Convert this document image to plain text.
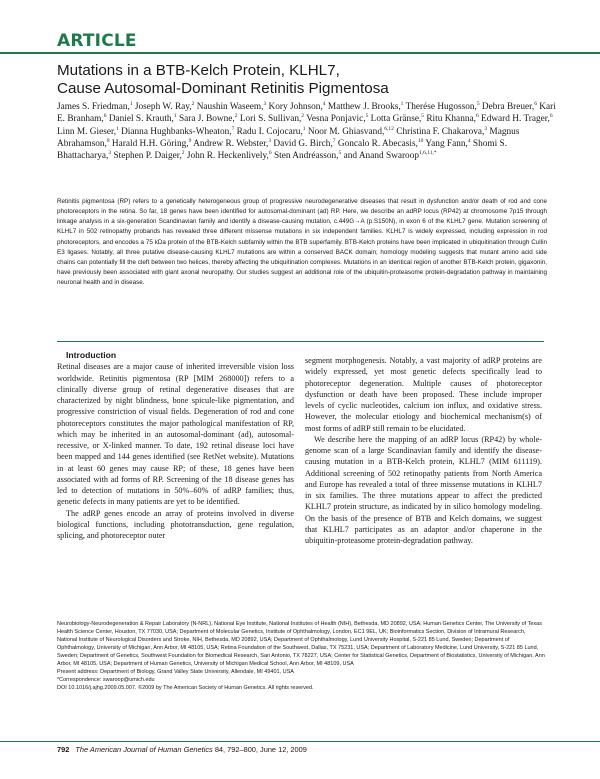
ARTICLE
Mutations in a BTB-Kelch Protein, KLHL7,
Cause Autosomal-Dominant Retinitis Pigmentosa
James S. Friedman,$^1$ Joseph W. Ray,$^2$ Naushin Waseem,$^3$ Kory Johnson,$^4$ Matthew J. Brooks,$^1$ Therése Hugosson,$^5$ Debra Breuer,$^6$ Kari E. Branham,$^6$ Daniel S. Krauth,$^1$ Sara J. Bowne,$^2$ Lori S. Sullivan,$^2$ Vesna Ponjavic,$^5$ Lotta Gränse,$^5$ Ritu Khanna,$^6$ Edward H. Trager,$^6$ Linn M. Gieser,$^1$ Dianna Hughbanks-Wheaton,$^7$ Radu I. Cojocaru,$^1$ Noor M. Ghiasvand,$^{6,12}$ Christina F. Chakarova,$^3$ Magnus Abrahamson,$^8$ Harald H.H. Göring,$^9$ Andrew R. Webster,$^3$ David G. Birch,$^7$ Goncalo R. Abecasis,$^{10}$ Yang Fann,$^4$ Shomi S. Bhattacharya,$^3$ Stephen P. Daiger,$^2$ John R. Heckenlively,$^6$ Sten Andréasson,$^5$ and Anand Swaroop$^{1,6,11,*}$
Retinitis pigmentosa (RP) refers to a genetically heterogeneous group of progressive neurodegenerative diseases that result in dysfunction and/or death of rod and cone photoreceptors in the retina. So far, 18 genes have been identified for autosomal-dominant (ad) RP. Here, we describe an adRP locus (RP42) at chromosome 7p15 through linkage analysis in a six-generation Scandinavian family and identify a disease-causing mutation, c.449G→A (p.S150N), in exon 6 of the KLHL7 gene. Mutation screening of KLHL7 in 502 retinopathy probands has revealed three different missense mutations in six independent families. KLHL7 is widely expressed, including expression in rod photoreceptors, and encodes a 75 kDa protein of the BTB-Kelch subfamily within the BTB superfamily. BTB-Kelch proteins have been implicated in ubiquitination through Cullin E3 ligases. Notably, all three putative disease-causing KLHL7 mutations are within a conserved BACK domain; homology modeling suggests that mutant amino acid side chains can potentially fill the cleft between two helices, thereby affecting the ubiquitination complexes. Mutations in an identical region of another BTB-Kelch protein, gigaxonin, have previously been associated with giant axonal neuropathy. Our studies suggest an additional role of the ubiquitin-proteasome protein-degradation pathway in maintaining neuronal health and in disease.

Introduction

Retinal diseases are a major cause of inherited irreversible vision loss worldwide. Retinitis pigmentosa (RP [MIM 268000]) refers to a clinically diverse group of retinal degenerative diseases that are characterized by night blindness, bone spicule-like pigmentation, and progressive constriction of visual fields. Degeneration of rod and cone photoreceptors constitutes the major pathological manifestation of RP, which may be inherited in an autosomal-dominant (ad), autosomal-recessive, or X-linked manner. To date, 192 retinal disease loci have been mapped and 144 genes identified (see RetNet website). Mutations in at least 60 genes may cause RP; of these, 18 genes have been associated with ad forms of RP. Screening of the 18 disease genes has led to detection of mutations in 50%–60% of adRP families; thus, genetic defects in many patients are yet to be identified.

The adRP genes encode an array of proteins involved in diverse biological functions, including phototransduction, gene regulation, splicing, and photoreceptor outer

segment morphogenesis. Notably, a vast majority of adRP proteins are widely expressed, yet most genetic defects specifically lead to photoreceptor degeneration. Multiple causes of photoreceptor dysfunction or death have been proposed. These include improper levels of cyclic nucleotides, calcium ion influx, and oxidative stress. However, the molecular etiology and biochemical mechanism(s) of most forms of adRP still remain to be elucidated.

We describe here the mapping of an adRP locus (RP42) by whole-genome scan of a large Scandinavian family and identify the disease-causing mutation in a BTB-Kelch protein, KLHL7 (MIM 611119). Additional screening of 502 retinopathy patients from North America and Europe has revealed a total of three missense mutations in KLHL7 in six families. The three mutations appear to affect the predicted KLHL7 protein structure, as indicated by in silico homology modeling. On the basis of the presence of BTB and Kelch domains, we suggest that KLHL7 participates as an adaptor and/or chaperone in the ubiquitin-proteasome protein-degradation pathway.

Neurobiology-Neurodegeneration & Repair Laboratory (N-NRL), National Eye Institute, National Institutes of Health (NIH), Bethesda, MD 20892, USA; Human Genetics Center, The University of Texas Health Science Center, Houston, TX 77030, USA; Department of Molecular Genetics, Institute of Ophthalmology, London, EC1 9EL, UK; Bioinformatics Section, Division of Intramural Research, National Institute of Neurological Disorders and Stroke, NIH, Bethesda, MD 20892, USA; Department of Ophthalmology, Lund University Hospital, S-221 85 Lund, Sweden; Department of Ophthalmology, University of Michigan, Ann Arbor, MI 48105, USA; Retina Foundation of the Southwest, Dallas, TX 75231, USA; Department of Laboratory Medicine, Lund University, S-221 85 Lund, Sweden; Department of Genetics, Southwest Foundation for Biomedical Research, San Antonio, TX 78227, USA; Center for Statistical Genetics, Department of Biostatistics, University of Michigan, Ann Arbor, MI 48105, USA; Department of Human Genetics, University of Michigan Medical School, Ann Arbor, MI 48109, USA

Present address: Department of Biology, Grand Valley State University, Allendale, MI 49401, USA

*Correspondence: swaroop@umich.edu

DOI 10.1016/j.ajhg.2009.05.007. ©2009 by The American Society of Human Genetics. All rights reserved.

792 The American Journal of Human Genetics 84, 792–800, June 12, 2009
